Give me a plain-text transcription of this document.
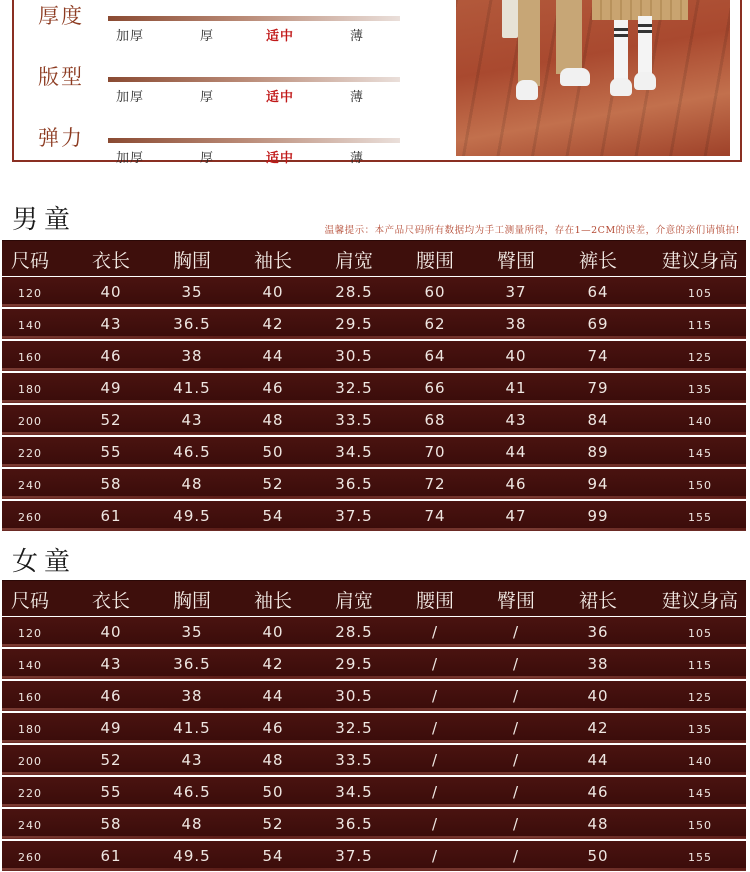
厚度
加厚	厚	适中	薄
版型
加厚	厚	适中	薄
弹力
加厚	厚	适中	薄
男童	温馨提示：本产品尺码所有数据均为手工测量所得，存在1—2CM的误差，介意的亲们请慎拍!
尺码	衣长	胸围	袖长	肩宽	腰围	臀围	裤长	建议身高
120	40	35	40	28.5	60	37	64	105
140	43	36.5	42	29.5	62	38	69	115
160	46	38	44	30.5	64	40	74	125
180	49	41.5	46	32.5	66	41	79	135
200	52	43	48	33.5	68	43	84	140
220	55	46.5	50	34.5	70	44	89	145
240	58	48	52	36.5	72	46	94	150
260	61	49.5	54	37.5	74	47	99	155
女童
尺码	衣长	胸围	袖长	肩宽	腰围	臀围	裙长	建议身高
120	40	35	40	28.5	/	/	36	105
140	43	36.5	42	29.5	/	/	38	115
160	46	38	44	30.5	/	/	40	125
180	49	41.5	46	32.5	/	/	42	135
200	52	43	48	33.5	/	/	44	140
220	55	46.5	50	34.5	/	/	46	145
240	58	48	52	36.5	/	/	48	150
260	61	49.5	54	37.5	/	/	50	155
